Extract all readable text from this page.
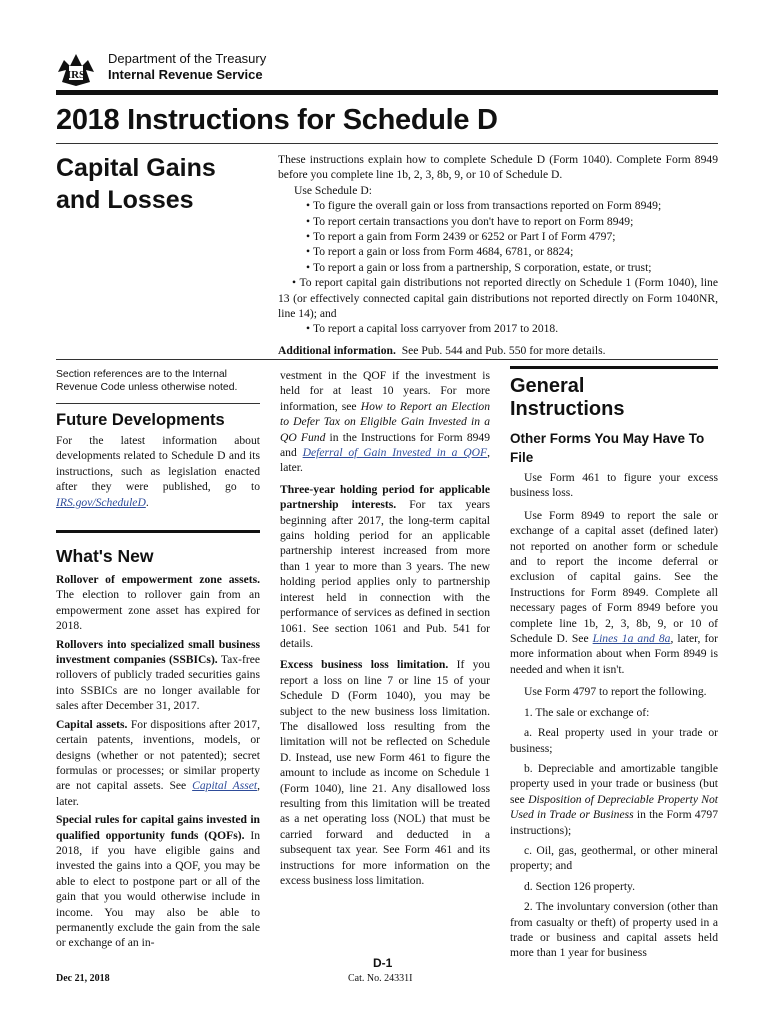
IRS
Department of the Treasury
Internal Revenue Service
2018 Instructions for Schedule D
Capital Gains and Losses

These instructions explain how to complete Schedule D (Form 1040). Complete Form 8949 before you complete line 1b, 2, 3, 8b, 9, or 10 of Schedule D.

Use Schedule D:

• To figure the overall gain or loss from transactions reported on Form 8949;

• To report certain transactions you don't have to report on Form 8949;

• To report a gain from Form 2439 or 6252 or Part I of Form 4797;

• To report a gain or loss from Form 4684, 6781, or 8824;

• To report a gain or loss from a partnership, S corporation, estate, or trust;

• To report capital gain distributions not reported directly on Schedule 1 (Form 1040), line 13 (or effectively connected capital gain distributions not reported directly on Form 1040NR, line 14); and

• To report a capital loss carryover from 2017 to 2018.

Additional information. See Pub. 544 and Pub. 550 for more details.

Section references are to the Internal Revenue Code unless otherwise noted.

Future Developments

For the latest information about developments related to Schedule D and its instructions, such as legislation enacted after they were published, go to IRS.gov/ScheduleD.

What's New

Rollover of empowerment zone assets. The election to rollover gain from an empowerment zone asset has expired for 2018.

Rollovers into specialized small business investment companies (SSBICs). Tax-free rollovers of publicly traded securities gains into SSBICs are no longer available for sales after December 31, 2017.

Capital assets. For dispositions after 2017, certain patents, inventions, models, or designs (whether or not patented); secret formulas or processes; or similar property are not capital assets. See Capital Asset, later.

Special rules for capital gains invested in qualified opportunity funds (QOFs). In 2018, if you have eligible gains and invested the gains into a QOF, you may be able to elect to postpone part or all of the gain that you would otherwise include in income. You may also be able to permanently exclude the gain from the sale or exchange of an in-

vestment in the QOF if the investment is held for at least 10 years. For more information, see How to Report an Election to Defer Tax on Eligible Gain Invested in a QO Fund in the Instructions for Form 8949 and Deferral of Gain Invested in a QOF, later.

Three-year holding period for applicable partnership interests. For tax years beginning after 2017, the long-term capital gains holding period for an applicable partnership interest increased from more than 1 year to more than 3 years. The new holding period applies only to partnership interest held in connection with the performance of services as defined in section 1061. See section 1061 and Pub. 541 for details.

Excess business loss limitation. If you report a loss on line 7 or line 15 of your Schedule D (Form 1040), you may be subject to the new business loss limitation. The disallowed loss resulting from the limitation will not be reflected on Schedule D. Instead, use new Form 461 to figure the amount to include as income on Schedule 1 (Form 1040), line 21. Any disallowed loss resulting from this limitation will be treated as a net operating loss (NOL) that must be carried forward and deducted in a subsequent tax year. See Form 461 and its instructions for more information on the excess business loss limitation.

General Instructions

Other Forms You May Have To File

Use Form 461 to figure your excess business loss.

Use Form 8949 to report the sale or exchange of a capital asset (defined later) not reported on another form or schedule and to report the income deferral or exclusion of capital gains. See the Instructions for Form 8949. Complete all necessary pages of Form 8949 before you complete line 1b, 2, 3, 8b, 9, or 10 of Schedule D. See Lines 1a and 8a, later, for more information about when Form 8949 is needed and when it isn't.

Use Form 4797 to report the following.

1. The sale or exchange of:

a. Real property used in your trade or business;

b. Depreciable and amortizable tangible property used in your trade or business (but see Disposition of Depreciable Property Not Used in Trade or Business in the Form 4797 instructions);

c. Oil, gas, geothermal, or other mineral property; and

d. Section 126 property.

2. The involuntary conversion (other than from casualty or theft) of property used in a trade or business and capital assets held more than 1 year for business

D-1
Dec 21, 2018	Cat. No. 24331I
